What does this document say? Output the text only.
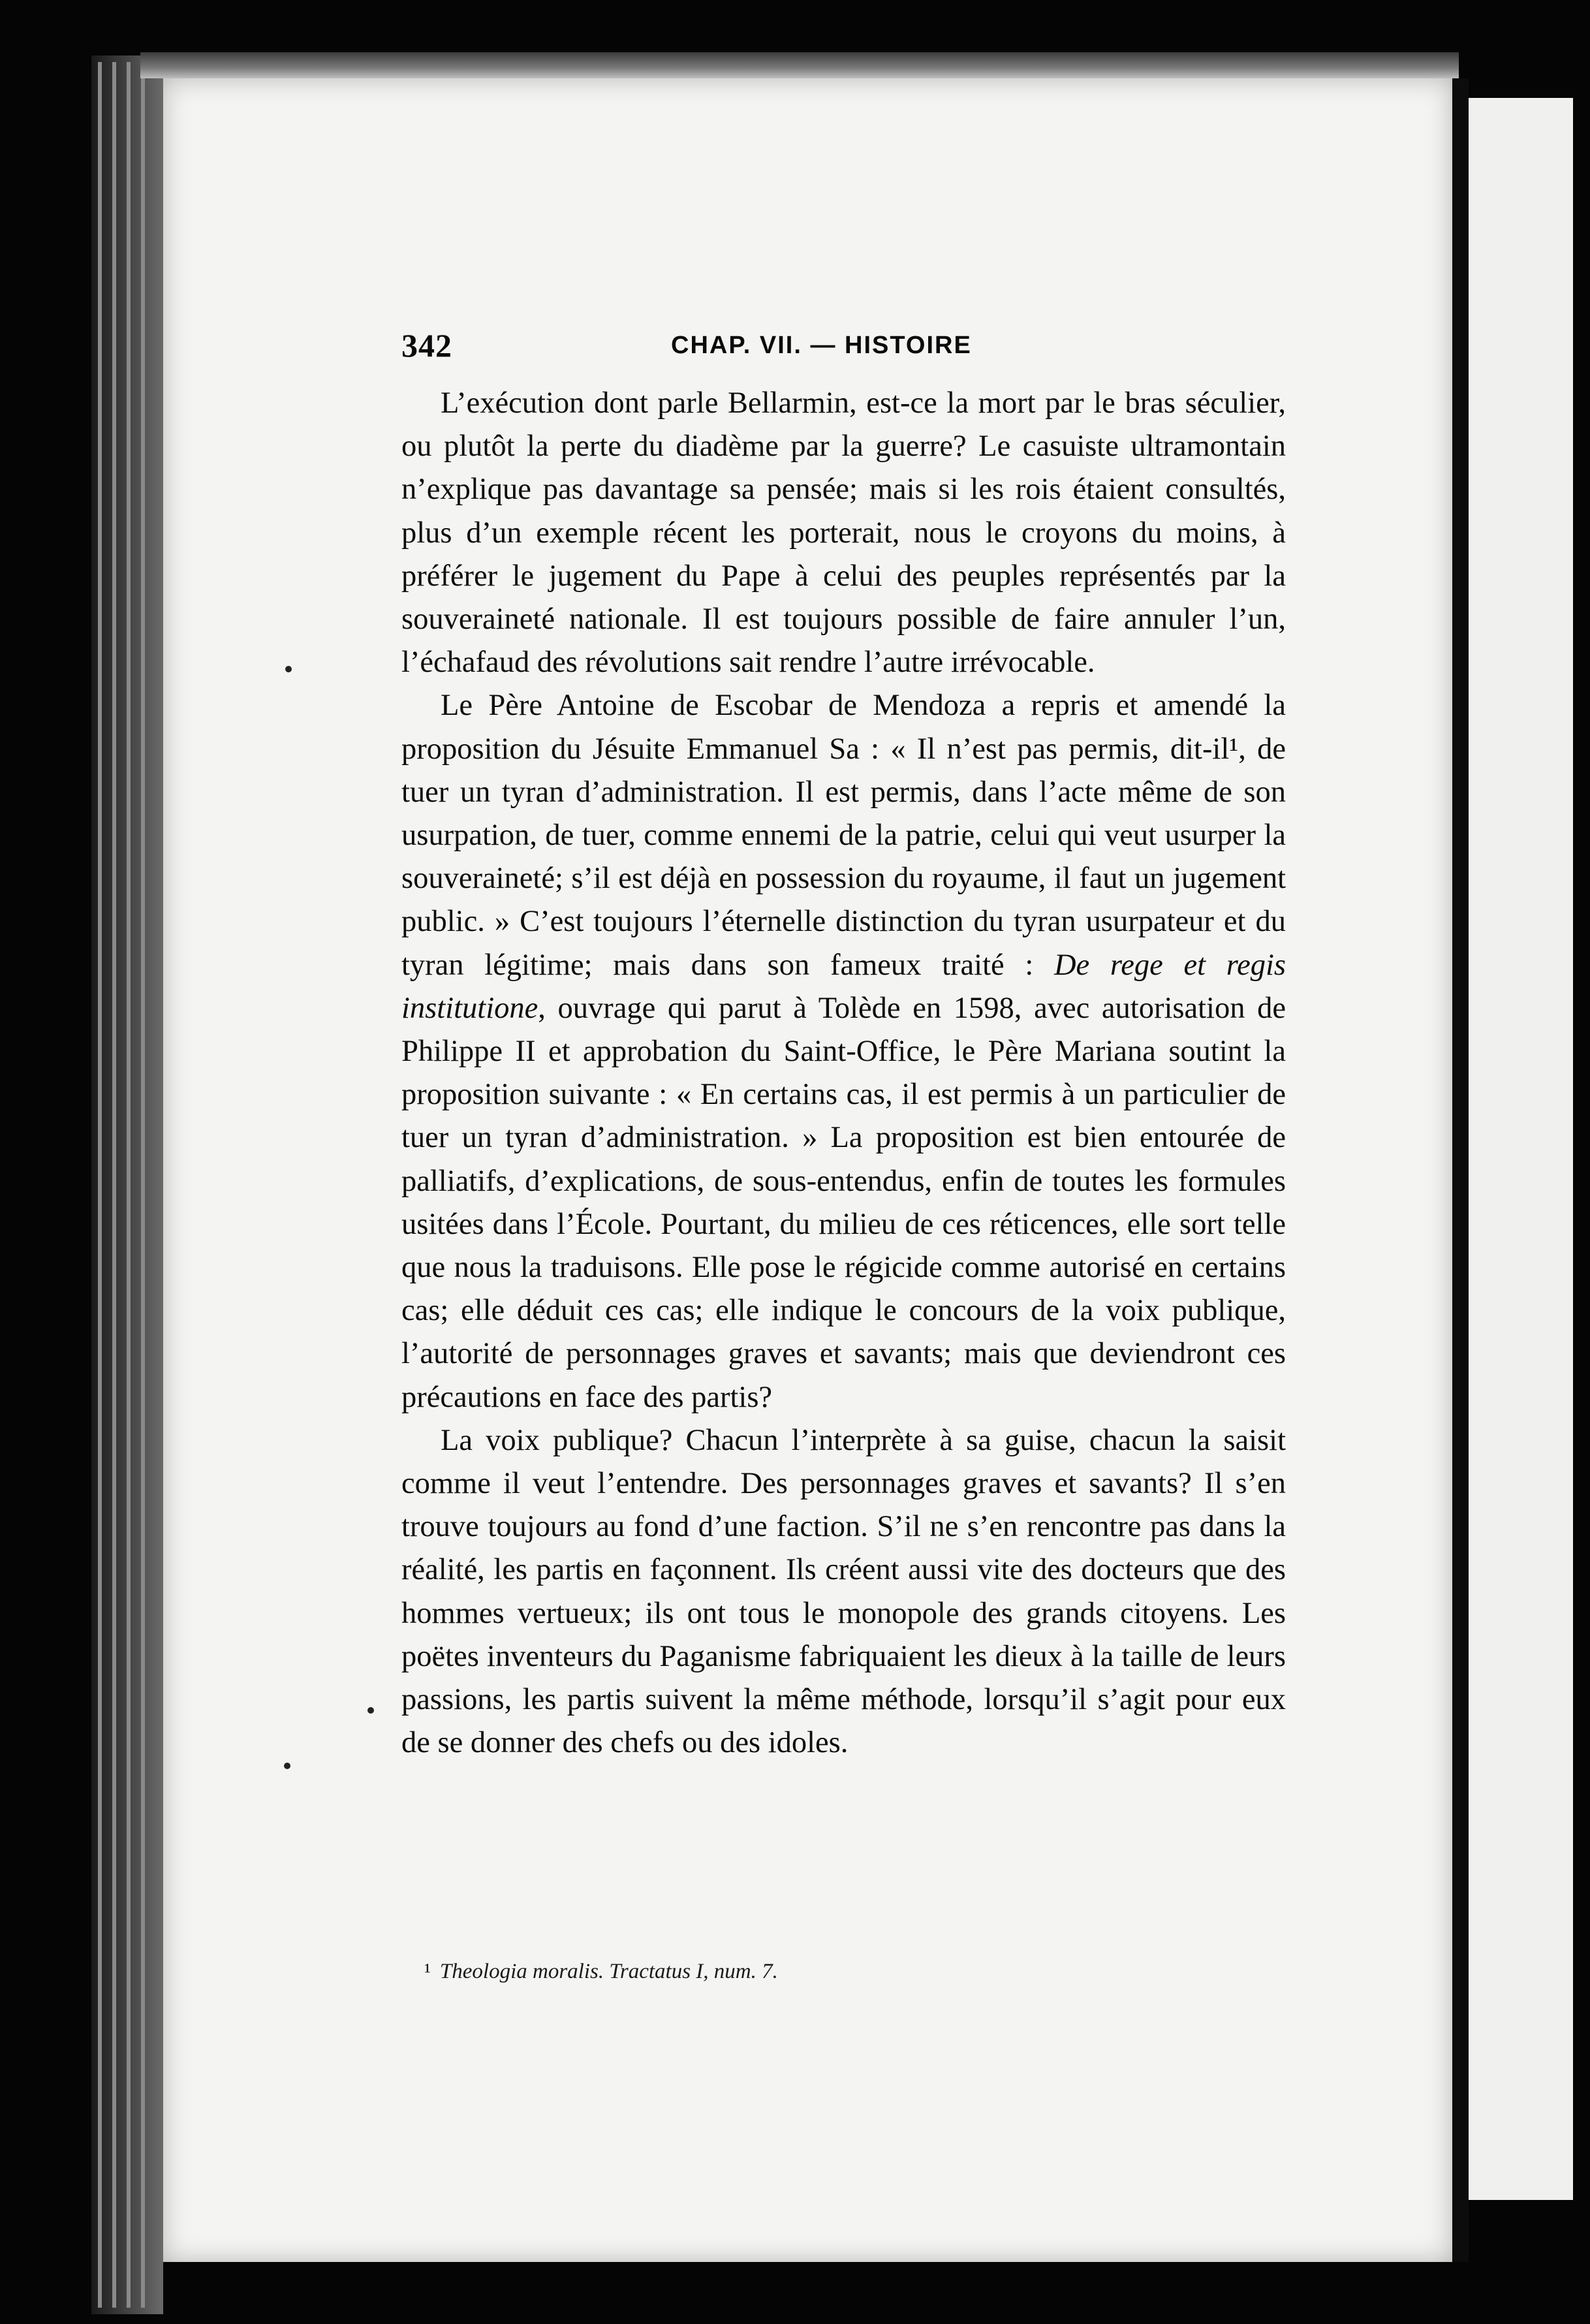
342	CHAP. VII. — HISTOIRE

L’exécution dont parle Bellarmin, est-ce la mort par le bras séculier, ou plutôt la perte du diadème par la guerre? Le casuiste ultramontain n’explique pas davantage sa pensée; mais si les rois étaient consultés, plus d’un exemple récent les porterait, nous le croyons du moins, à préférer le jugement du Pape à celui des peuples représentés par la souveraineté nationale. Il est toujours possible de faire annuler l’un, l’échafaud des révolutions sait rendre l’autre irrévocable.

Le Père Antoine de Escobar de Mendoza a repris et amendé la proposition du Jésuite Emmanuel Sa : « Il n’est pas permis, dit-il¹, de tuer un tyran d’administration. Il est permis, dans l’acte même de son usurpation, de tuer, comme ennemi de la patrie, celui qui veut usurper la souveraineté; s’il est déjà en possession du royaume, il faut un jugement public. » C’est toujours l’éternelle distinction du tyran usurpateur et du tyran légitime; mais dans son fameux traité : De rege et regis institutione, ouvrage qui parut à Tolède en 1598, avec autorisation de Philippe II et approbation du Saint-Office, le Père Mariana soutint la proposition suivante : « En certains cas, il est permis à un particulier de tuer un tyran d’administration. » La proposition est bien entourée de palliatifs, d’explications, de sous-entendus, enfin de toutes les formules usitées dans l’École. Pourtant, du milieu de ces réticences, elle sort telle que nous la traduisons. Elle pose le régicide comme autorisé en certains cas; elle déduit ces cas; elle indique le concours de la voix publique, l’autorité de personnages graves et savants; mais que deviendront ces précautions en face des partis?

La voix publique? Chacun l’interprète à sa guise, chacun la saisit comme il veut l’entendre. Des personnages graves et savants? Il s’en trouve toujours au fond d’une faction. S’il ne s’en rencontre pas dans la réalité, les partis en façonnent. Ils créent aussi vite des docteurs que des hommes vertueux; ils ont tous le monopole des grands citoyens. Les poëtes inventeurs du Paganisme fabriquaient les dieux à la taille de leurs passions, les partis suivent la même méthode, lorsqu’il s’agit pour eux de se donner des chefs ou des idoles.

¹ Theologia moralis. Tractatus I, num. 7.
